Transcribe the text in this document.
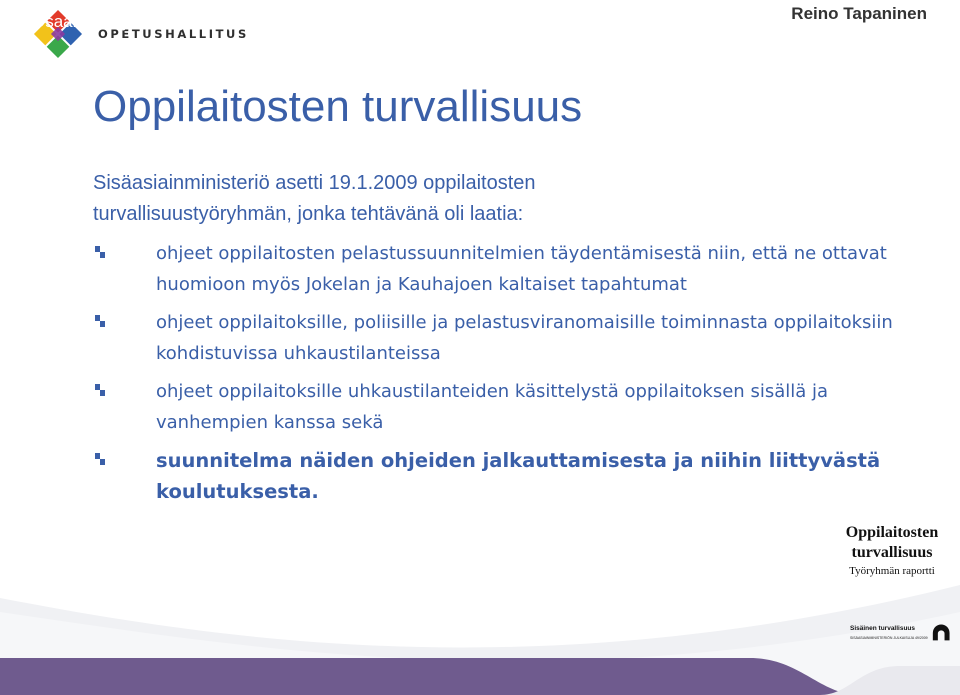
OPETUSHALLITUS
Reino Tapaninen
Oppilaitosten turvallisuus
Sisäasiainministeriö asetti 19.1.2009 oppilaitosten turvallisuustyöryhmän, jonka tehtävänä oli laatia:
ohjeet oppilaitosten pelastussuunnitelmien täydentämisestä niin, että ne ottavat huomioon myös Jokelan ja Kauhajoen kaltaiset tapahtumat
ohjeet oppilaitoksille, poliisille ja pelastusviranomaisille toiminnasta oppilaitoksiin kohdistuvissa uhkaustilanteissa
ohjeet oppilaitoksille uhkaustilanteiden käsittelystä oppilaitoksen sisällä ja vanhempien kanssa sekä
suunnitelma näiden ohjeiden jalkauttamisesta ja niihin liittyvästä koulutuksesta.
Oppilaitosten turvallisuus
Työryhmän raportti
Sisäinen turvallisuus
SISÄASIAINMINISTERIÖN JULKAISUJA 49/2009
Osaamisen ja sivistyksen parhaaksi
